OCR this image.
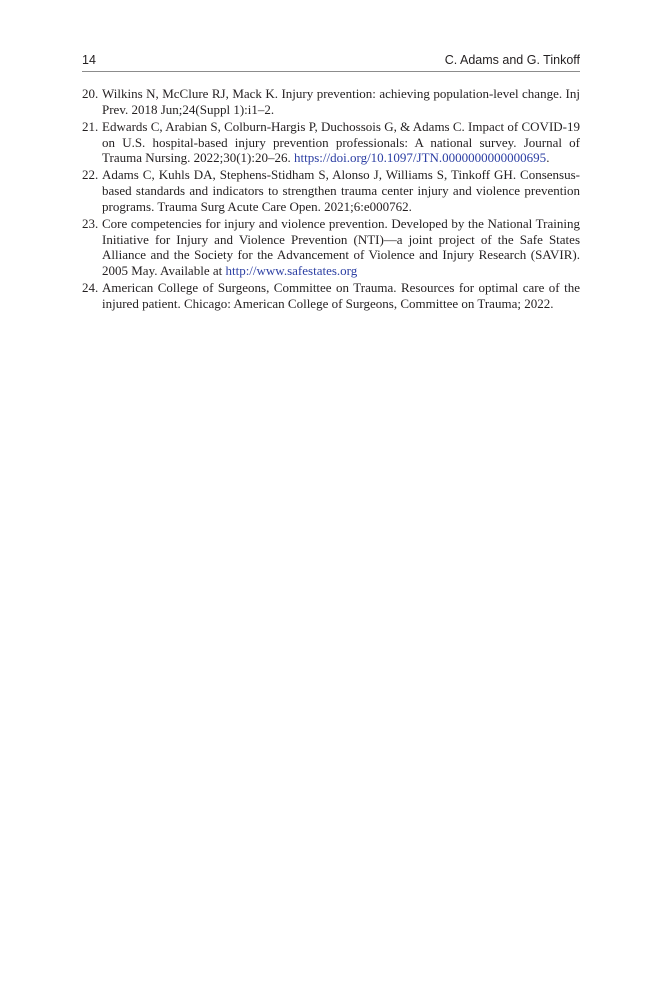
14	C. Adams and G. Tinkoff
20. Wilkins N, McClure RJ, Mack K. Injury prevention: achieving population-level change. Inj Prev. 2018 Jun;24(Suppl 1):i1–2.
21. Edwards C, Arabian S, Colburn-Hargis P, Duchossois G, & Adams C. Impact of COVID-19 on U.S. hospital-based injury prevention professionals: A national survey. Journal of Trauma Nursing. 2022;30(1):20–26. https://doi.org/10.1097/JTN.0000000000000695.
22. Adams C, Kuhls DA, Stephens-Stidham S, Alonso J, Williams S, Tinkoff GH. Consensus-based standards and indicators to strengthen trauma center injury and violence prevention programs. Trauma Surg Acute Care Open. 2021;6:e000762.
23. Core competencies for injury and violence prevention. Developed by the National Training Initiative for Injury and Violence Prevention (NTI)—a joint project of the Safe States Alliance and the Society for the Advancement of Violence and Injury Research (SAVIR). 2005 May. Available at http://www.safestates.org
24. American College of Surgeons, Committee on Trauma. Resources for optimal care of the injured patient. Chicago: American College of Surgeons, Committee on Trauma; 2022.
